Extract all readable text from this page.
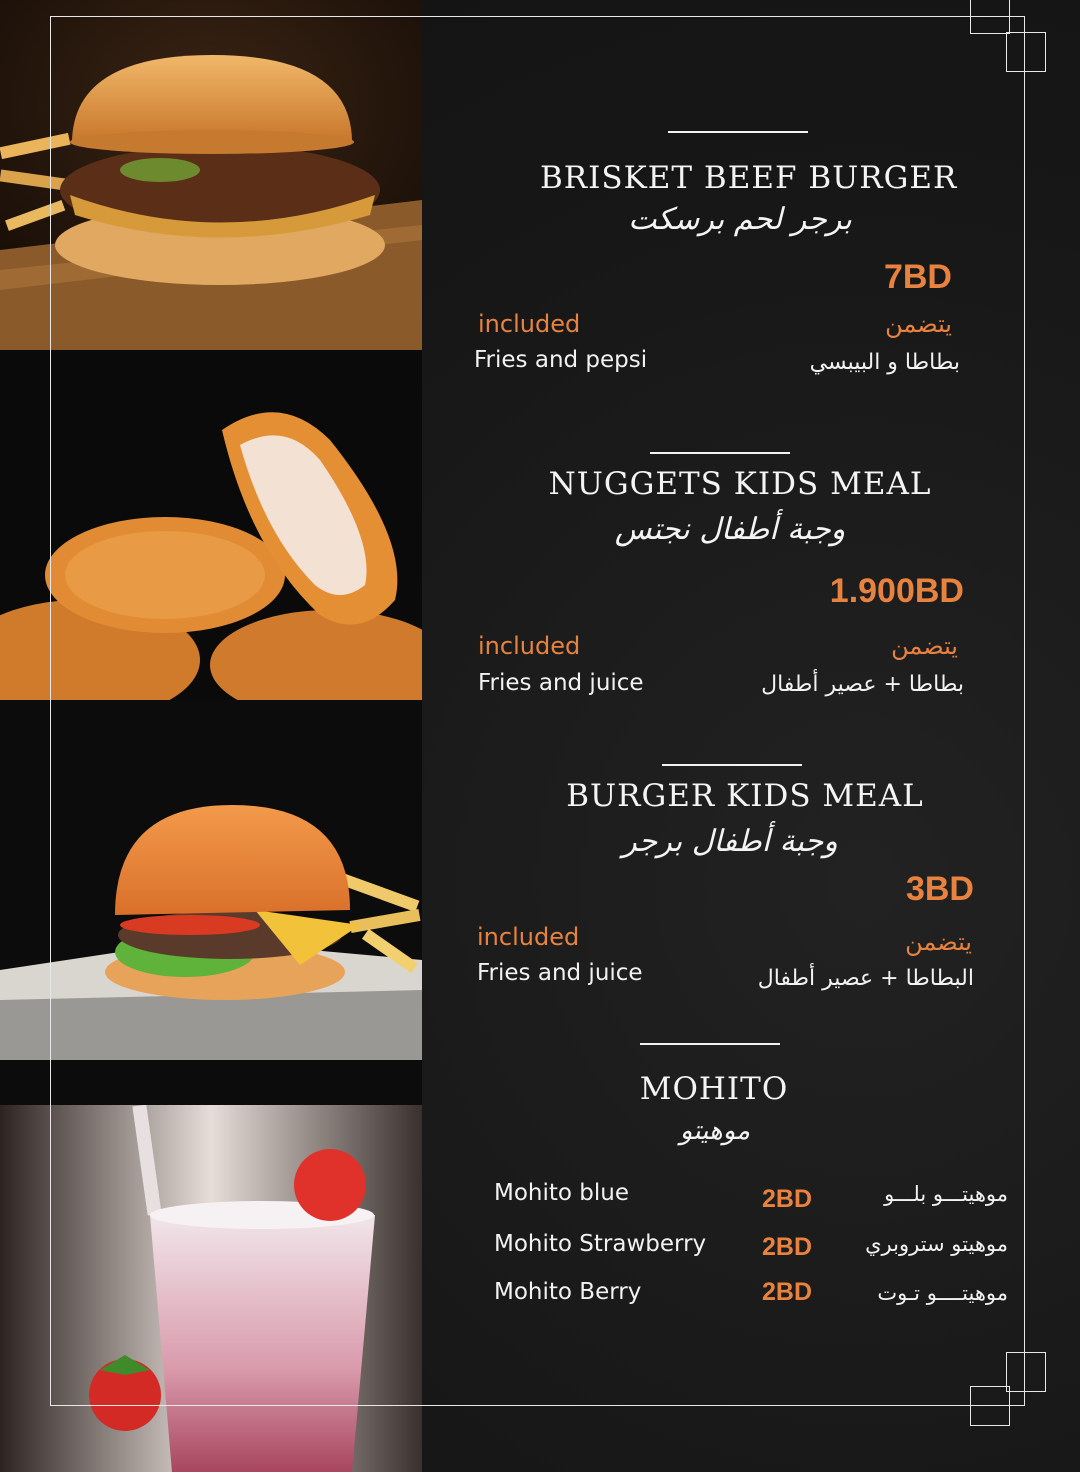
BRISKET BEEF BURGER
برجر لحم برسكت
7BD
included	يتضمن
Fries and pepsi	بطاطا و البيبسي
NUGGETS KIDS MEAL
وجبة أطفال نجتس
1.900BD
included	يتضمن
Fries and juice	بطاطا + عصير أطفال
BURGER KIDS MEAL
وجبة أطفال برجر
3BD
included	يتضمن
Fries and juice	البطاطا + عصير أطفال
MOHITO
موهيتو
Mohito blue	2BD	موهيتـــو بلـــو
Mohito Strawberry 2BD	موهيتو ستروبري
Mohito Berry	2BD	موهيتــــو تـوت
